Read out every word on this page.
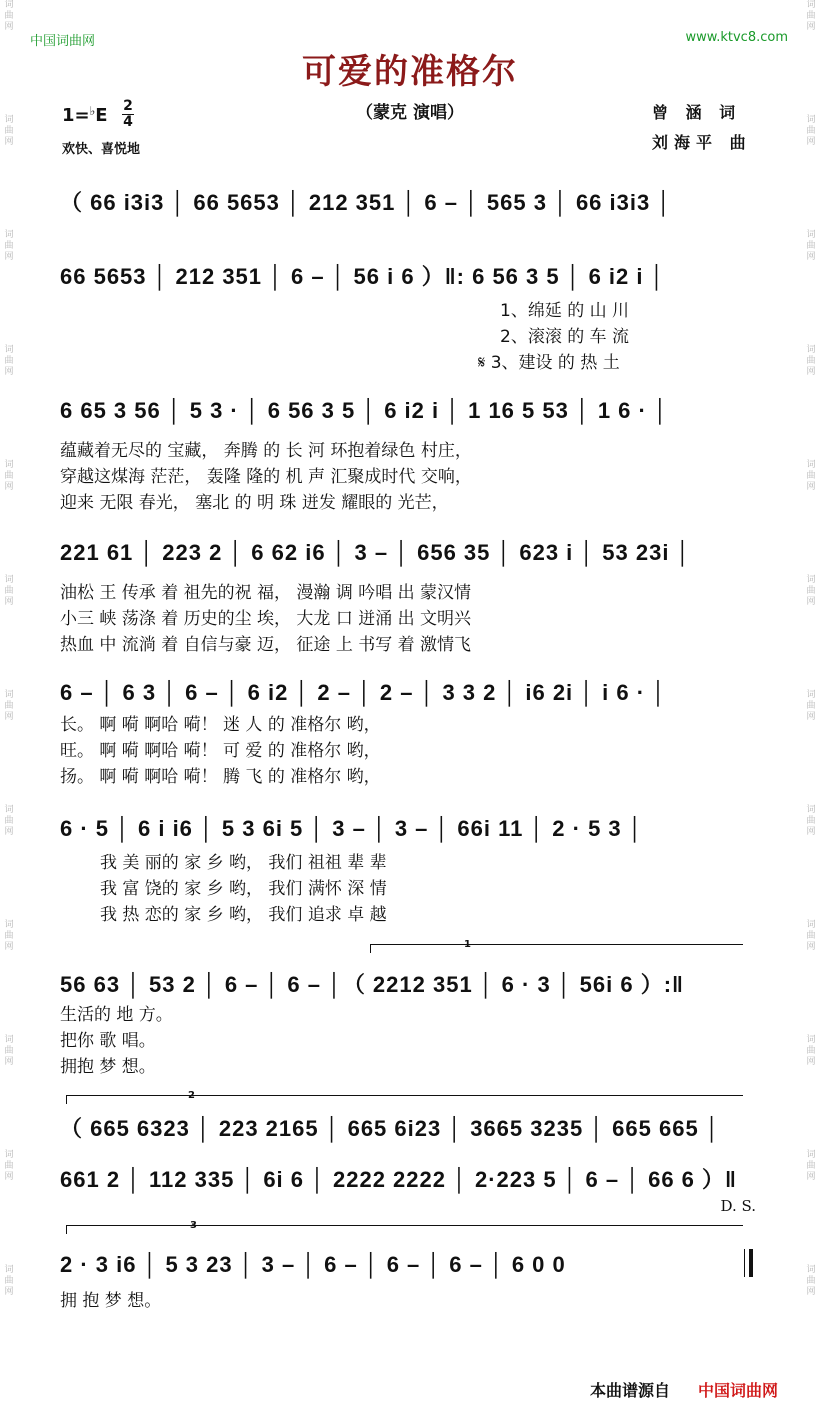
词
曲
网
词
曲
网
词
曲
网
词
曲
网
词
曲
网
词
曲
网
词
曲
网
词
曲
网
词
曲
网
词
曲
网
词
曲
网
词
曲
网
词
曲
网
词
曲
网
词
曲
网
词
曲
网
词
曲
网
词
曲
网
词
曲
网
词
曲
网
词
曲
网
词
曲
网
词
曲
网
词
曲
网
中国词曲网	www.ktvc8.com
可爱的准格尔
（蒙克 演唱）
1=♭E 2
4
欢快、喜悦地
曾 涵 词
刘海平 曲
（ 66 i3i3 │ 66 5653 │ 212 351 │ 6 – │ 565 3 │ 66 i3i3 │
66 5653 │ 212 351 │ 6 – │ 56 i 6 ）‖: 6 56 3 5 │ 6 i2 i │
1、绵延 的 山 川
2、滚滚 的 车 流
𝄋 3、建设 的 热 土
6 65 3 56 │ 5 3 · │ 6 56 3 5 │ 6 i2 i │ 1 16 5 53 │ 1 6 · │
蕴藏着无尽的 宝藏， 奔腾 的 长 河 环抱着绿色 村庄，
穿越这煤海 茫茫， 轰隆 隆的 机 声 汇聚成时代 交响，
迎来 无限 春光， 塞北 的 明 珠 迸发 耀眼的 光芒，
221 61 │ 223 2 │ 6 62 i6 │ 3 – │ 656 35 │ 623 i │ 53 23i │
油松 王 传承 着 祖先的祝 福， 漫瀚 调 吟唱 出 蒙汉情
小三 峡 荡涤 着 历史的尘 埃， 大龙 口 迸涌 出 文明兴
热血 中 流淌 着 自信与豪 迈， 征途 上 书写 着 激情飞
6 – │ 6 3 │ 6 – │ 6 i2 │ 2 – │ 2 – │ 3 3 2 │ i6 2i │ i 6 · │
长。 啊 嗬 啊哈 嗬！ 迷 人 的 准格尔 哟，
旺。 啊 嗬 啊哈 嗬！ 可 爱 的 准格尔 哟，
扬。 啊 嗬 啊哈 嗬！ 腾 飞 的 准格尔 哟，
6 · 5 │ 6 i i6 │ 5 3 6i 5 │ 3 – │ 3 – │ 66i 11 │ 2 · 5 3 │
我 美 丽的 家 乡 哟， 我们 祖祖 辈 辈
我 富 饶的 家 乡 哟， 我们 满怀 深 情
我 热 恋的 家 乡 哟， 我们 追求 卓 越
1
56 63 │ 53 2 │ 6 – │ 6 – │（ 2212 351 │ 6 · 3 │ 56i 6 ）:‖
生活的 地 方。
把你 歌 唱。
拥抱 梦 想。
2
（ 665 6323 │ 223 2165 │ 665 6i23 │ 3665 3235 │ 665 665 │
661 2 │ 112 335 │ 6i 6 │ 2222 2222 │ 2·223 5 │ 6 – │ 66 6 ）‖
D. S.
3
2 · 3 i6 │ 5 3 23 │ 3 – │ 6 – │ 6 – │ 6 – │ 6 0 0
拥 抱 梦 想。
本曲谱源自 中国词曲网
